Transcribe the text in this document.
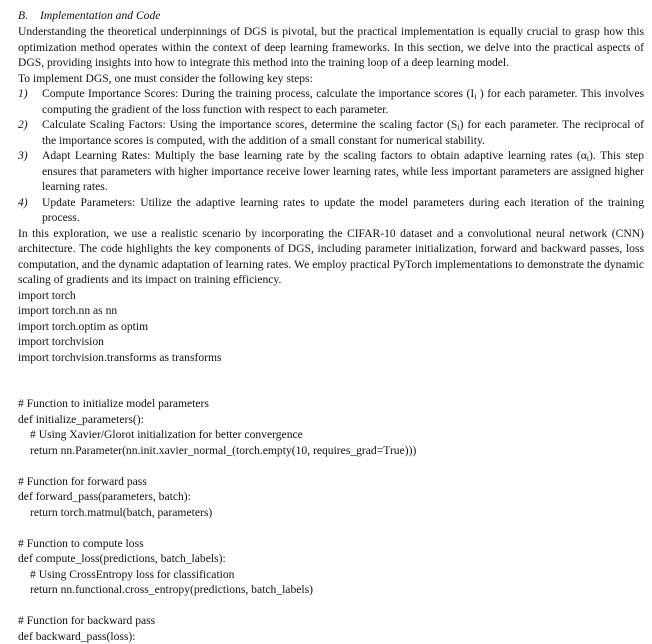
B. Implementation and Code

Understanding the theoretical underpinnings of DGS is pivotal, but the practical implementation is equally crucial to grasp how this optimization method operates within the context of deep learning frameworks. In this section, we delve into the practical aspects of DGS, providing insights into how to integrate this method into the training loop of a deep learning model.

To implement DGS, one must consider the following key steps:

1) Compute Importance Scores: During the training process, calculate the importance scores ($I_i$ ) for each parameter. This involves computing the gradient of the loss function with respect to each parameter.
2) Calculate Scaling Factors: Using the importance scores, determine the scaling factor $(S_i)$ for each parameter. The reciprocal of the importance scores is computed, with the addition of a small constant for numerical stability.
3) Adapt Learning Rates: Multiply the base learning rate by the scaling factors to obtain adaptive learning rates $(\alpha_i)$. This step ensures that parameters with higher importance receive lower learning rates, while less important parameters are assigned higher learning rates.
4) Update Parameters: Utilize the adaptive learning rates to update the model parameters during each iteration of the training process.

In this exploration, we use a realistic scenario by incorporating the CIFAR-10 dataset and a convolutional neural network (CNN) architecture. The code highlights the key components of DGS, including parameter initialization, forward and backward passes, loss computation, and the dynamic adaptation of learning rates. We employ practical PyTorch implementations to demonstrate the dynamic scaling of gradients and its impact on training efficiency.

import torch
import torch.nn as nn
import torch.optim as optim
import torchvision
import torchvision.transforms as transforms
# Function to initialize model parameters
def initialize_parameters():
# Using Xavier/Glorot initialization for better convergence
return nn.Parameter(nn.init.xavier_normal_(torch.empty(10, requires_grad=True)))
# Function for forward pass
def forward_pass(parameters, batch):
return torch.matmul(batch, parameters)
# Function to compute loss
def compute_loss(predictions, batch_labels):
# Using CrossEntropy loss for classification
return nn.functional.cross_entropy(predictions, batch_labels)
# Function for backward pass
def backward_pass(loss):
